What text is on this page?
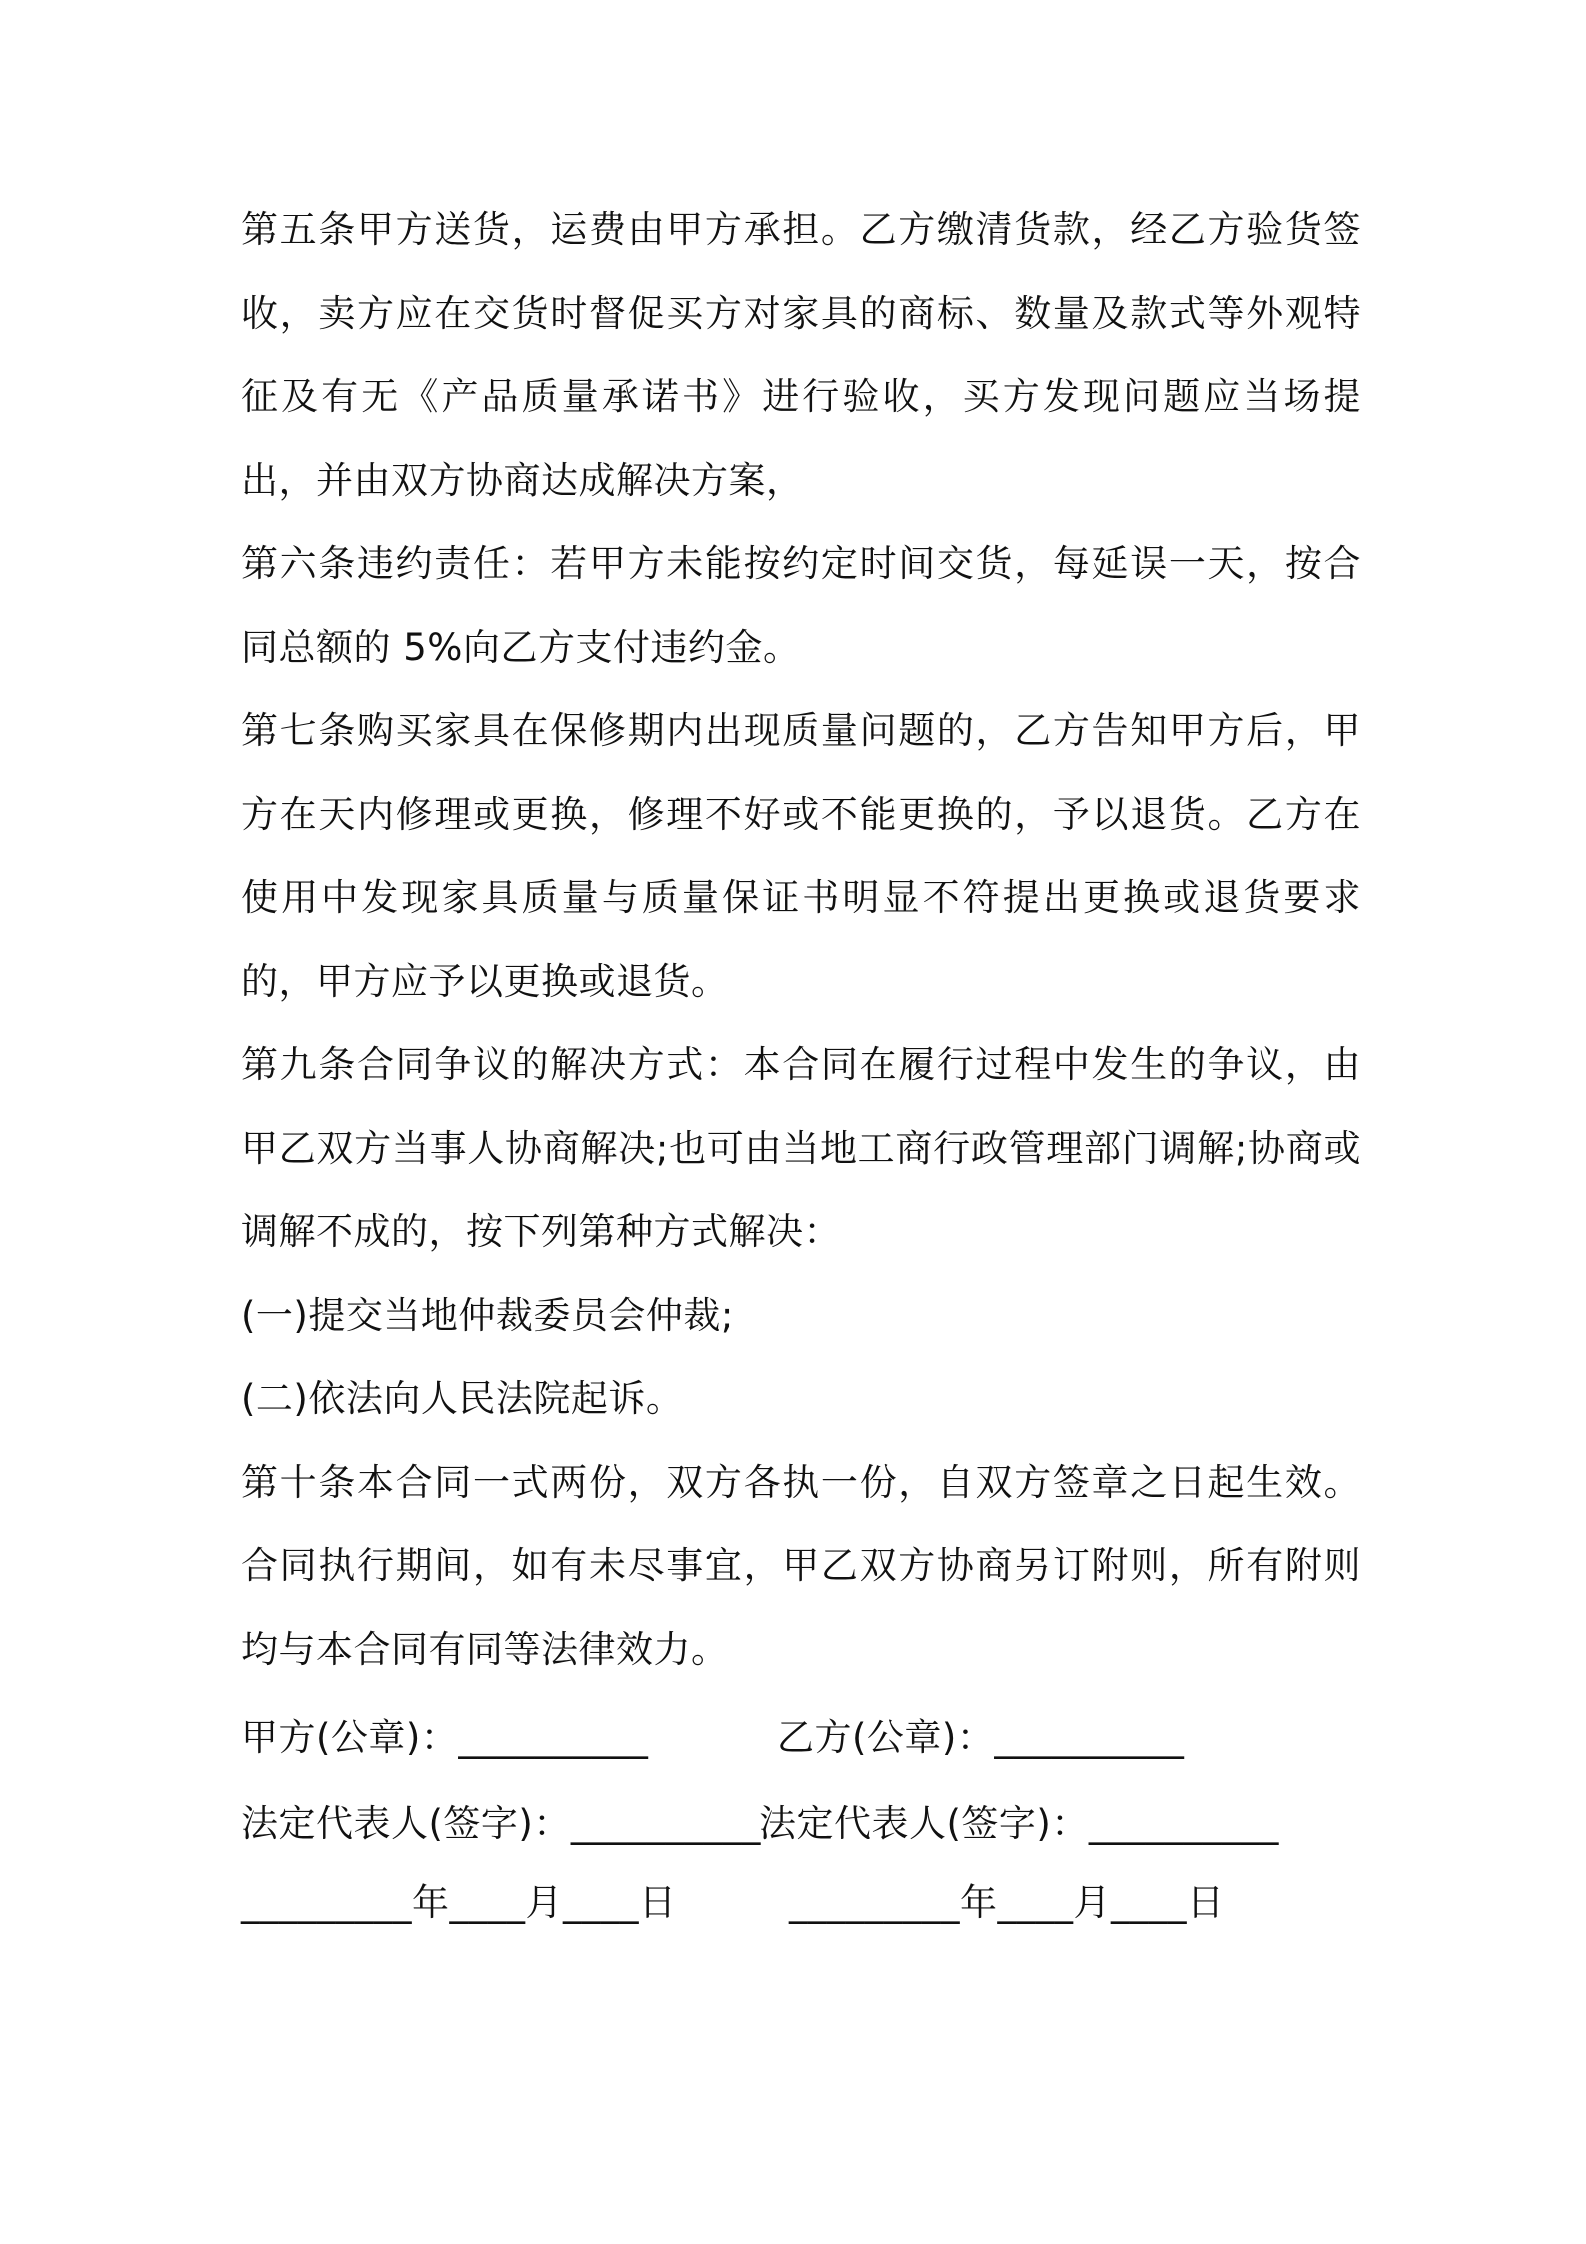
第五条甲方送货，运费由甲方承担。乙方缴清货款，经乙方验货签收，卖方应在交货时督促买方对家具的商标、数量及款式等外观特征及有无《产品质量承诺书》进行验收，买方发现问题应当场提出，并由双方协商达成解决方案，

第六条违约责任：若甲方未能按约定时间交货，每延误一天，按合同总额的 5%向乙方支付违约金。

第七条购买家具在保修期内出现质量问题的，乙方告知甲方后，甲方在天内修理或更换，修理不好或不能更换的，予以退货。乙方在使用中发现家具质量与质量保证书明显不符提出更换或退货要求的，甲方应予以更换或退货。

第九条合同争议的解决方式：本合同在履行过程中发生的争议，由甲乙双方当事人协商解决;也可由当地工商行政管理部门调解;协商或调解不成的，按下列第种方式解决：

(一)提交当地仲裁委员会仲裁;

(二)依法向人民法院起诉。

第十条本合同一式两份，双方各执一份，自双方签章之日起生效。合同执行期间，如有未尽事宜，甲乙双方协商另订附则，所有附则均与本合同有同等法律效力。

甲方(公章)：__________	乙方(公章)：__________
法定代表人(签字)：__________
法定代表人(签字)：__________
_________年____月____日	_________年____月____日
